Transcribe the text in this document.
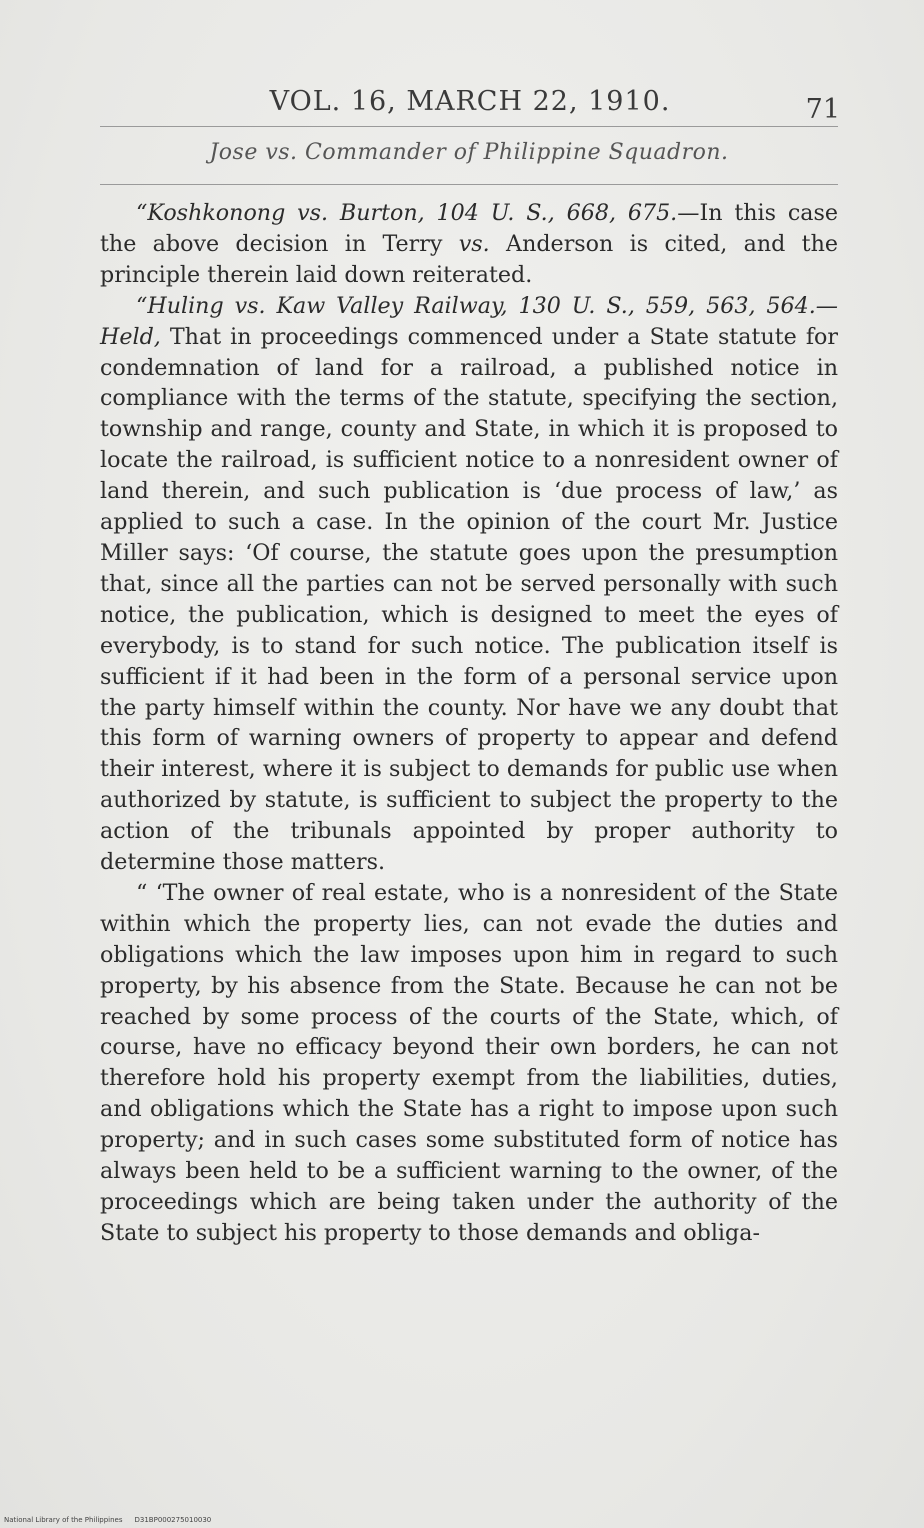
VOL. 16, MARCH 22, 1910.	71
Jose vs. Commander of Philippine Squadron.

“Koshkonong vs. Burton, 104 U. S., 668, 675.—In this case the above decision in Terry vs. Anderson is cited, and the principle therein laid down reiterated.

“Huling vs. Kaw Valley Railway, 130 U. S., 559, 563, 564.—Held, That in proceedings commenced under a State statute for condemnation of land for a railroad, a published notice in compliance with the terms of the statute, specifying the section, township and range, county and State, in which it is proposed to locate the railroad, is sufficient notice to a nonresident owner of land therein, and such publication is ‘due process of law,’ as applied to such a case. In the opinion of the court Mr. Justice Miller says: ‘Of course, the statute goes upon the presumption that, since all the parties can not be served personally with such notice, the publication, which is designed to meet the eyes of everybody, is to stand for such notice. The publication itself is sufficient if it had been in the form of a personal service upon the party himself within the county. Nor have we any doubt that this form of warning owners of property to appear and defend their interest, where it is subject to demands for public use when authorized by statute, is sufficient to subject the property to the action of the tribunals appointed by proper authority to determine those matters.

“ ‘The owner of real estate, who is a nonresident of the State within which the property lies, can not evade the duties and obligations which the law imposes upon him in regard to such property, by his absence from the State. Because he can not be reached by some process of the courts of the State, which, of course, have no efficacy beyond their own borders, he can not therefore hold his property exempt from the liabilities, duties, and obligations which the State has a right to impose upon such property; and in such cases some substituted form of notice has always been held to be a sufficient warning to the owner, of the proceedings which are being taken under the authority of the State to subject his property to those demands and obliga-

National Library of the Philippines D31BP000275010030
